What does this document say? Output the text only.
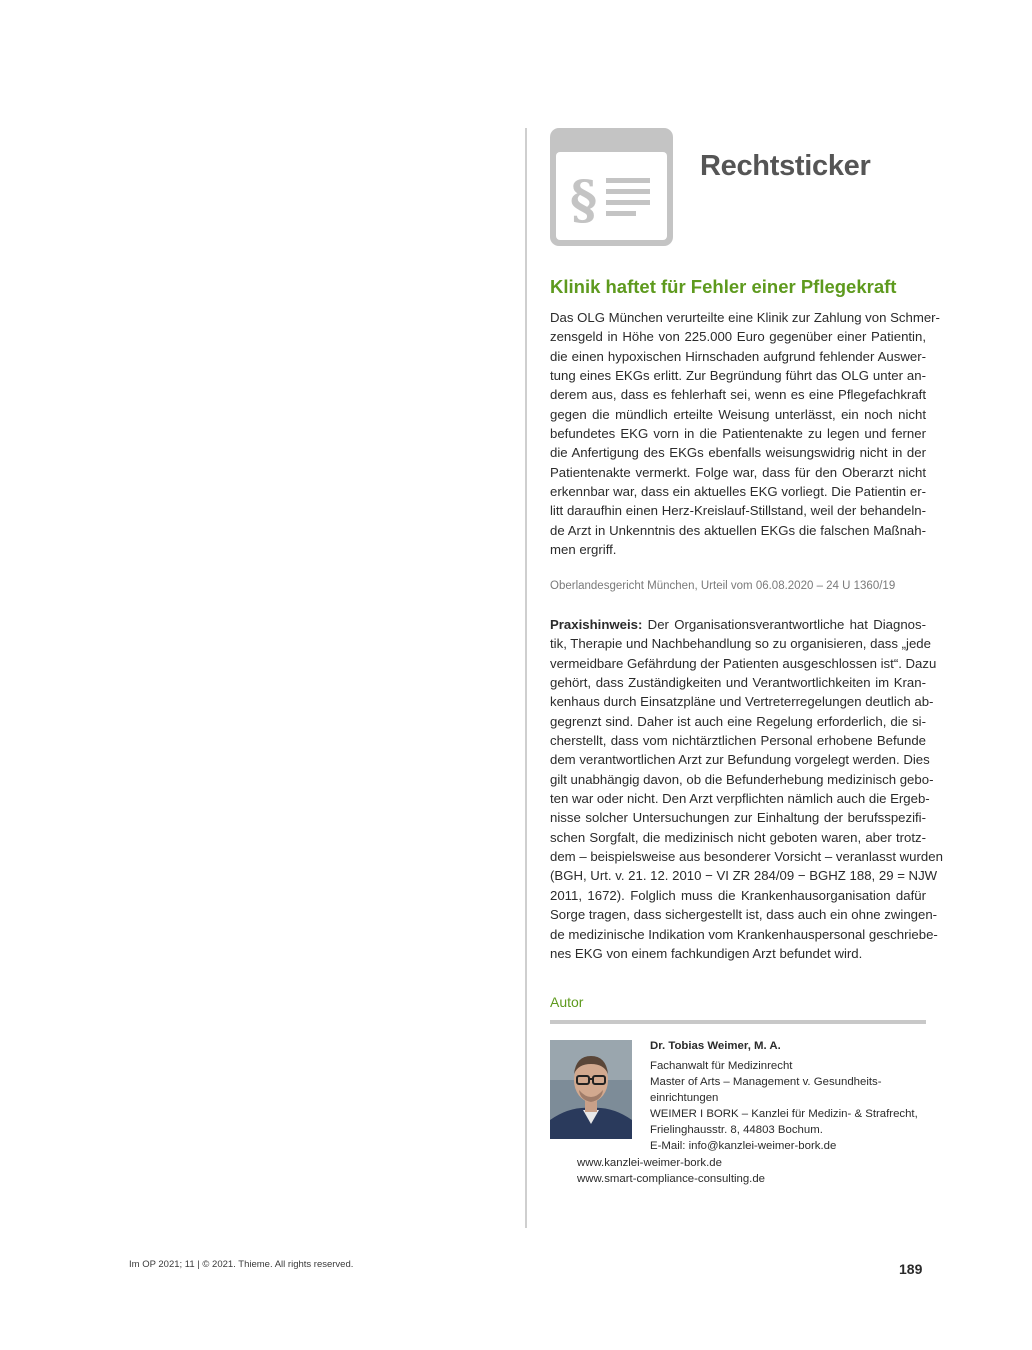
§
Rechtsticker
Klinik haftet für Fehler einer Pflegekraft
Das OLG München verurteilte eine Klinik zur Zahlung von Schmer-
zensgeld in Höhe von 225.000 Euro gegenüber einer Patientin,
die einen hypoxischen Hirnschaden aufgrund fehlender Auswer-
tung eines EKGs erlitt. Zur Begründung führt das OLG unter an-
derem aus, dass es fehlerhaft sei, wenn es eine Pflegefachkraft
gegen die mündlich erteilte Weisung unterlässt, ein noch nicht
befundetes EKG vorn in die Patientenakte zu legen und ferner
die Anfertigung des EKGs ebenfalls weisungswidrig nicht in der
Patientenakte vermerkt. Folge war, dass für den Oberarzt nicht
erkennbar war, dass ein aktuelles EKG vorliegt. Die Patientin er-
litt daraufhin einen Herz-Kreislauf-Stillstand, weil der behandeln-
de Arzt in Unkenntnis des aktuellen EKGs die falschen Maßnah-
men ergriff.
Oberlandesgericht München, Urteil vom 06.08.2020 – 24 U 1360/19
Praxishinweis: Der Organisationsverantwortliche hat Diagnos-
tik, Therapie und Nachbehandlung so zu organisieren, dass „jede
vermeidbare Gefährdung der Patienten ausgeschlossen ist“. Dazu
gehört, dass Zuständigkeiten und Verantwortlichkeiten im Kran-
kenhaus durch Einsatzpläne und Vertreterregelungen deutlich ab-
gegrenzt sind. Daher ist auch eine Regelung erforderlich, die si-
cherstellt, dass vom nichtärztlichen Personal erhobene Befunde
dem verantwortlichen Arzt zur Befundung vorgelegt werden. Dies
gilt unabhängig davon, ob die Befunderhebung medizinisch gebo-
ten war oder nicht. Den Arzt verpflichten nämlich auch die Ergeb-
nisse solcher Untersuchungen zur Einhaltung der berufsspezifi-
schen Sorgfalt, die medizinisch nicht geboten waren, aber trotz-
dem – beispielsweise aus besonderer Vorsicht – veranlasst wurden
(BGH, Urt. v. 21. 12. 2010 − VI ZR 284/09 − BGHZ 188, 29 = NJW
2011, 1672). Folglich muss die Krankenhausorganisation dafür
Sorge tragen, dass sichergestellt ist, dass auch ein ohne zwingen-
de medizinische Indikation vom Krankenhauspersonal geschriebe-
nes EKG von einem fachkundigen Arzt befundet wird.
Autor
Dr. Tobias Weimer, M. A.
Fachanwalt für Medizinrecht
Master of Arts – Management v. Gesundheits-
einrichtungen
WEIMER I BORK – Kanzlei für Medizin- & Strafrecht,
Frielinghausstr. 8, 44803 Bochum.
E-Mail: info@kanzlei-weimer-bork.de
www.kanzlei-weimer-bork.de
www.smart-compliance-consulting.de
Im OP 2021; 11 | © 2021. Thieme. All rights reserved.	189
